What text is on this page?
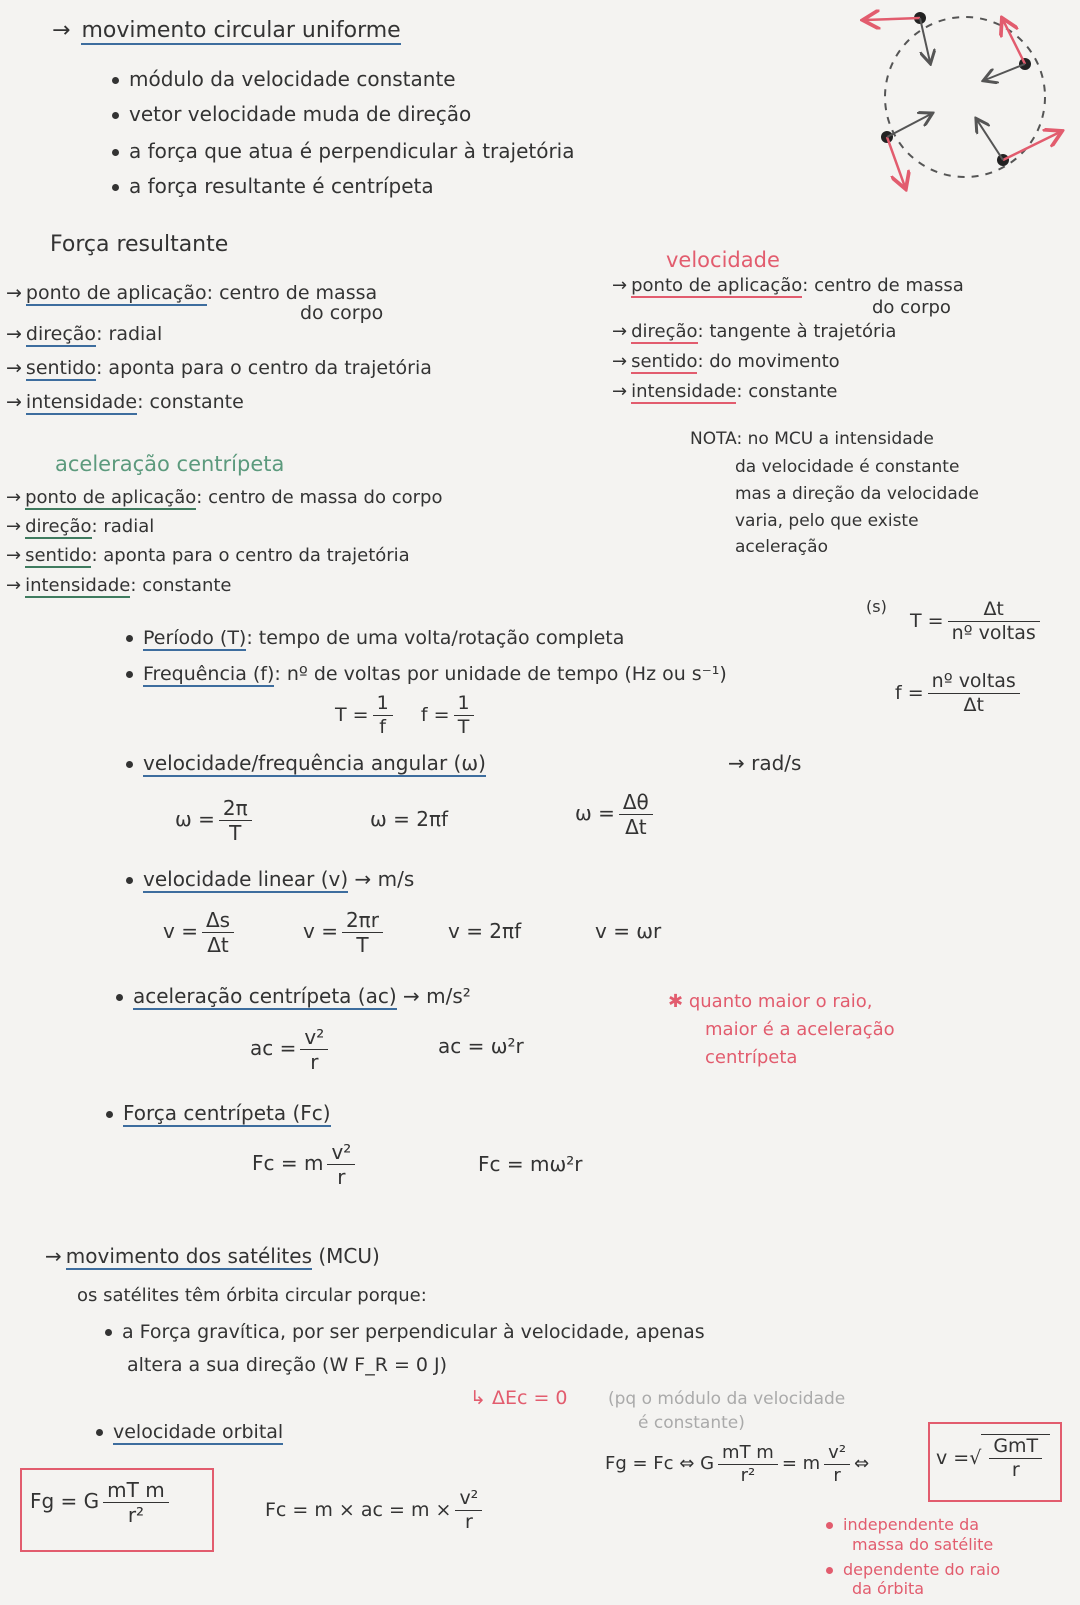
→ movimento circular uniforme
módulo da velocidade constante
vetor velocidade muda de direção
a força que atua é perpendicular à trajetória
a força resultante é centrípeta
Força resultante
→ ponto de aplicação: centro de massa
do corpo
→ direção: radial
→ sentido: aponta para o centro da trajetória
→ intensidade: constante
velocidade
→ ponto de aplicação: centro de massa
do corpo
→ direção: tangente à trajetória
→ sentido: do movimento
→ intensidade: constante
NOTA: no MCU a intensidade
da velocidade é constante
mas a direção da velocidade
varia, pelo que existe
aceleração
aceleração centrípeta
→ ponto de aplicação: centro de massa do corpo
→ direção: radial
→ sentido: aponta para o centro da trajetória
→ intensidade: constante
Período (T): tempo de uma volta/rotação completa
(s)
$T = \frac{\Delta t}{\text{nº voltas}}$
Frequência (f): nº de voltas por unidade de tempo (Hz ou s⁻¹)
$f = \frac{\text{nº voltas}}{\Delta t}$
$T = \frac{1}{f}$ $f = \frac{1}{T}$
velocidade/frequência angular (ω)	→ rad/s
$\omega = \frac{2\pi}{T}$	ω = 2πf	$\omega = \frac{\Delta\theta}{\Delta t}$
velocidade linear (v) → m/s
$v = \frac{\Delta s}{\Delta t}$	$v = \frac{2\pi r}{T}$	v = 2πf	v = ωr
aceleração centrípeta (ac) → m/s²
ac = $\frac{\text{v²}}{r}$	ac = ω²r
✱ quanto maior o raio,
maior é a aceleração
centrípeta
Força centrípeta (Fc)
Fc = m $\frac{\text{v²}}{r}$	Fc = mω²r
→ movimento dos satélites (MCU)
os satélites têm órbita circular porque:
a Força gravítica, por ser perpendicular à velocidade, apenas
altera a sua direção (W F_R = 0 J)
↳ ΔEc = 0 (pq o módulo da velocidade
é constante)
velocidade orbital
Fg = G $\frac{\text{mT m}}{\text{r²}}$	Fc = m × ac = $m \times \frac{\text{v²}}{r}$
Fg = Fc ⇔ G $\frac{\text{mT m}}{\text{r²}} = m \frac{\text{v²}}{r}$ ⇔	v =√ $\frac{\text{GmT}}{r}$
independente da
massa do satélite
dependente do raio
da órbita
